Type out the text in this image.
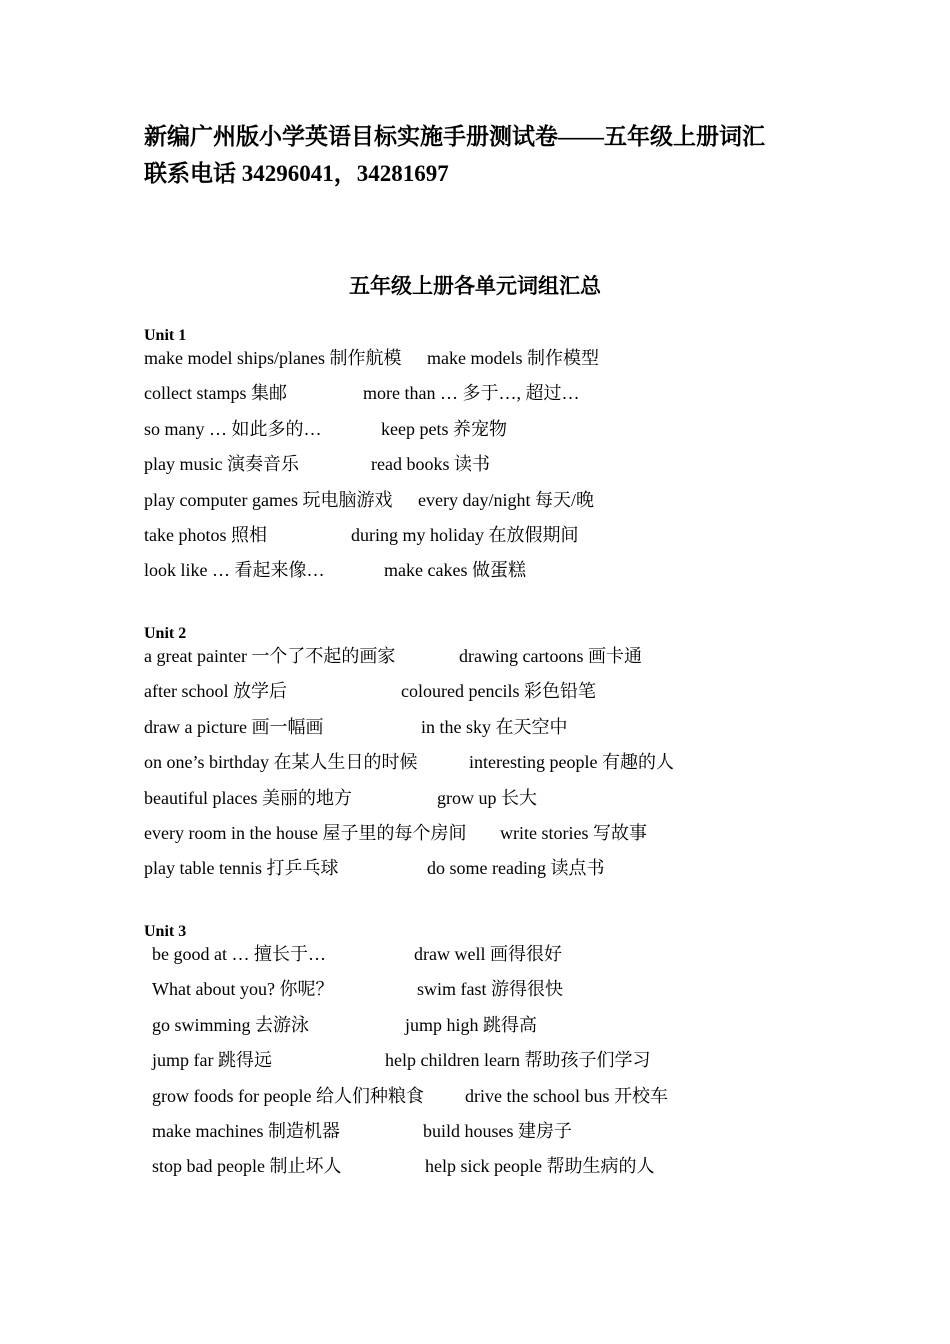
新编广州版小学英语目标实施手册测试卷——五年级上册词汇
联系电话 34296041，34281697
五年级上册各单元词组汇总
Unit 1
make model ships/planes 制作航模 make models 制作模型
collect stamps 集邮	more than … 多于…, 超过…
so many … 如此多的…	keep pets 养宠物
play music 演奏音乐	read books 读书
play computer games 玩电脑游戏 every day/night 每天/晚
take photos 照相	during my holiday 在放假期间
look like … 看起来像…	make cakes 做蛋糕
Unit 2
a great painter 一个了不起的画家	drawing cartoons 画卡通
after school 放学后	coloured pencils 彩色铅笔
draw a picture 画一幅画	in the sky 在天空中
on one’s birthday 在某人生日的时候	interesting people 有趣的人
beautiful places 美丽的地方	grow up 长大
every room in the house 屋子里的每个房间 write stories 写故事
play table tennis 打乒乓球	do some reading 读点书
Unit 3
be good at … 擅长于…	draw well 画得很好
What about you? 你呢？	swim fast 游得很快
go swimming 去游泳	jump high 跳得高
jump far 跳得远	help children learn 帮助孩子们学习
grow foods for people 给人们种粮食 drive the school bus 开校车
make machines 制造机器	build houses 建房子
stop bad people 制止坏人	help sick people 帮助生病的人
